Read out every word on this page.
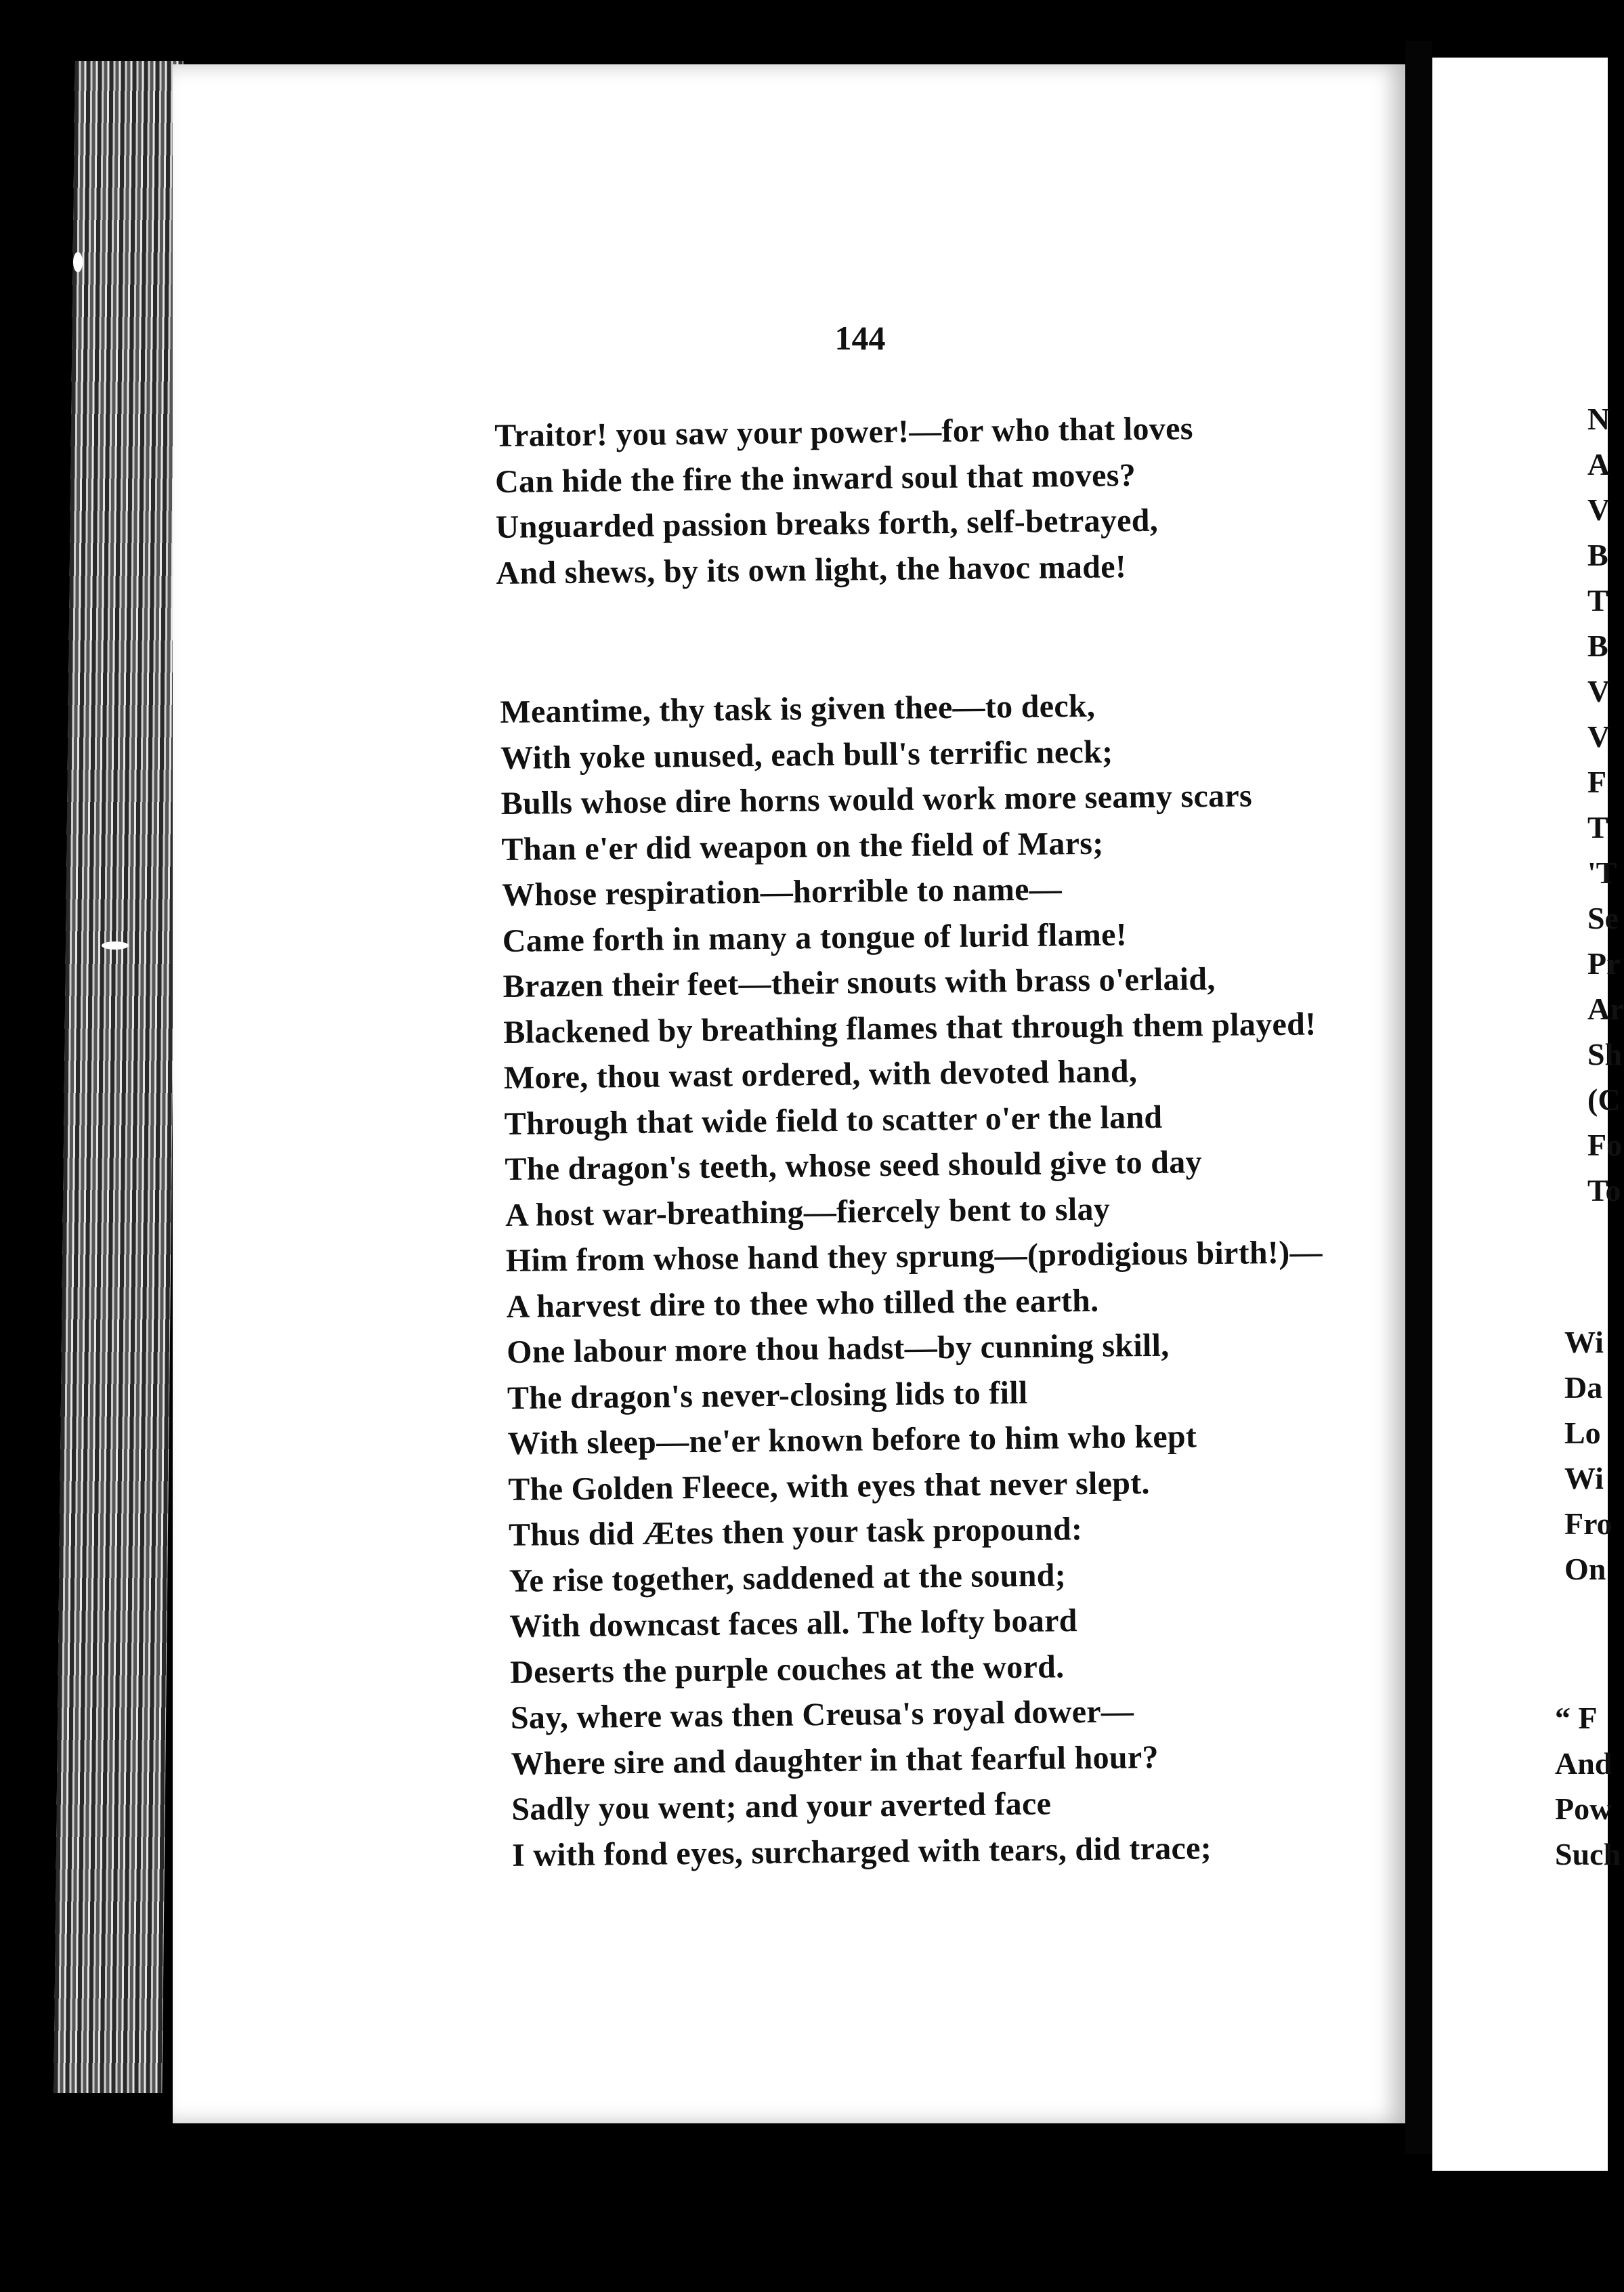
144
Traitor! you saw your power!—for who that loves
Can hide the fire the inward soul that moves?
Unguarded passion breaks forth, self-betrayed,
And shews, by its own light, the havoc made!
Meantime, thy task is given thee—to deck,
With yoke unused, each bull's terrific neck;
Bulls whose dire horns would work more seamy scars
Than e'er did weapon on the field of Mars;
Whose respiration—horrible to name—
Came forth in many a tongue of lurid flame!
Brazen their feet—their snouts with brass o'erlaid,
Blackened by breathing flames that through them played!
More, thou wast ordered, with devoted hand,
Through that wide field to scatter o'er the land
The dragon's teeth, whose seed should give to day
A host war-breathing—fiercely bent to slay
Him from whose hand they sprung—(prodigious birth!)—
A harvest dire to thee who tilled the earth.
One labour more thou hadst—by cunning skill,
The dragon's never-closing lids to fill
With sleep—ne'er known before to him who kept
The Golden Fleece, with eyes that never slept.
Thus did Ætes then your task propound:
Ye rise together, saddened at the sound;
With downcast faces all. The lofty board
Deserts the purple couches at the word.
Say, where was then Creusa's royal dower—
Where sire and daughter in that fearful hour?
Sadly you went; and your averted face
I with fond eyes, surcharged with tears, did trace;
N
A
V
B
T
B
V
V
F
T
'T
Se
Pr
Ar
Sh
(C
Fo
To
Wi
Da
Lo
Wi
Fro
On
“ F
And
Pow
Such
